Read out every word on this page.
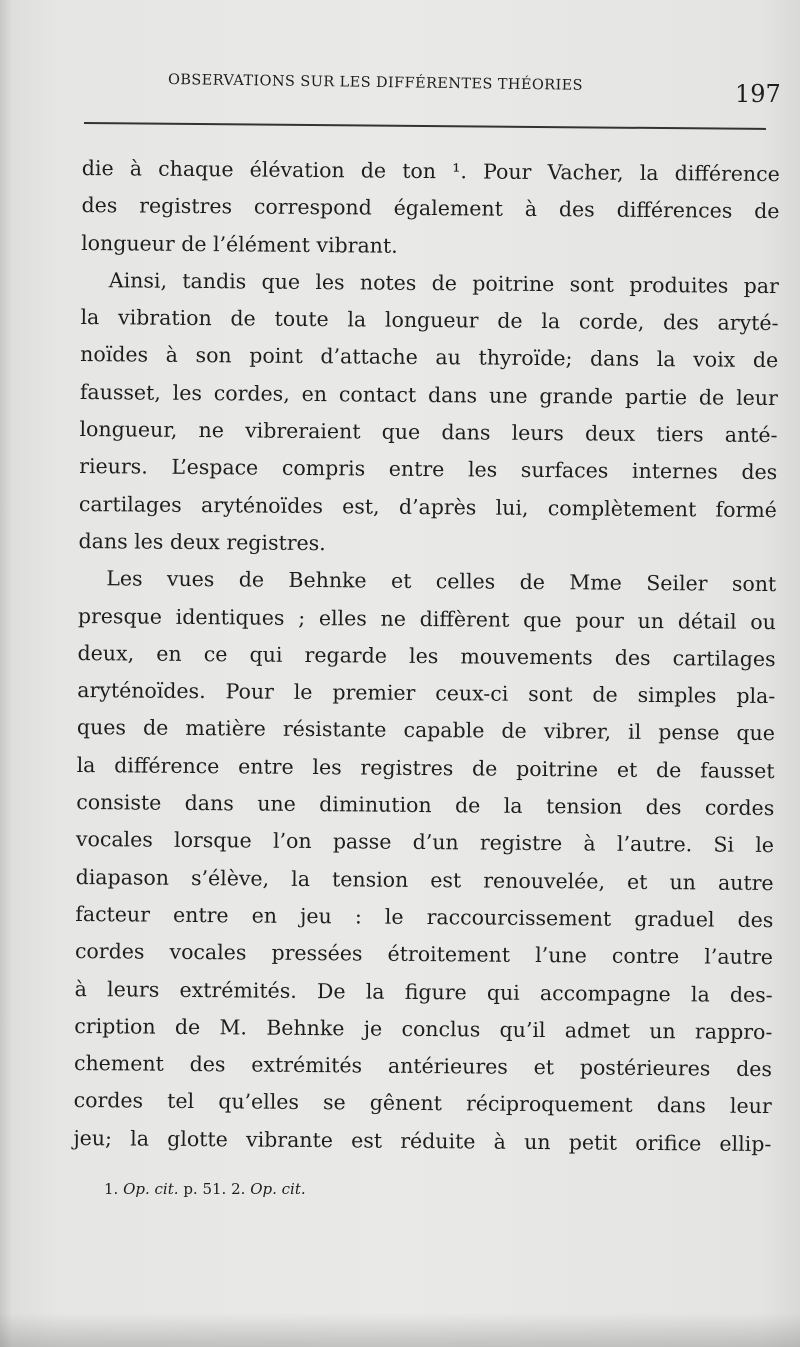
OBSERVATIONS SUR LES DIFFÉRENTES THÉORIES	197
die à chaque élévation de ton ¹. Pour Vacher, la différence
des registres correspond également à des différences de
longueur de l’élément vibrant.
Ainsi, tandis que les notes de poitrine sont produites par
la vibration de toute la longueur de la corde, des aryté-
noïdes à son point d’attache au thyroïde; dans la voix de
fausset, les cordes, en contact dans une grande partie de leur
longueur, ne vibreraient que dans leurs deux tiers anté-
rieurs. L’espace compris entre les surfaces internes des
cartilages aryténoïdes est, d’après lui, complètement formé
dans les deux registres.
Les vues de Behnke et celles de Mme Seiler sont
presque identiques ; elles ne diffèrent que pour un détail ou
deux, en ce qui regarde les mouvements des cartilages
aryténoïdes. Pour le premier ceux-ci sont de simples pla-
ques de matière résistante capable de vibrer, il pense que
la différence entre les registres de poitrine et de fausset
consiste dans une diminution de la tension des cordes
vocales lorsque l’on passe d’un registre à l’autre. Si le
diapason s’élève, la tension est renouvelée, et un autre
facteur entre en jeu : le raccourcissement graduel des
cordes vocales pressées étroitement l’une contre l’autre
à leurs extrémités. De la figure qui accompagne la des-
cription de M. Behnke je conclus qu’il admet un rappro-
chement des extrémités antérieures et postérieures des
cordes tel qu’elles se gênent réciproquement dans leur
jeu; la glotte vibrante est réduite à un petit orifice ellip-
1. Op. cit. p. 51. 2. Op. cit.
